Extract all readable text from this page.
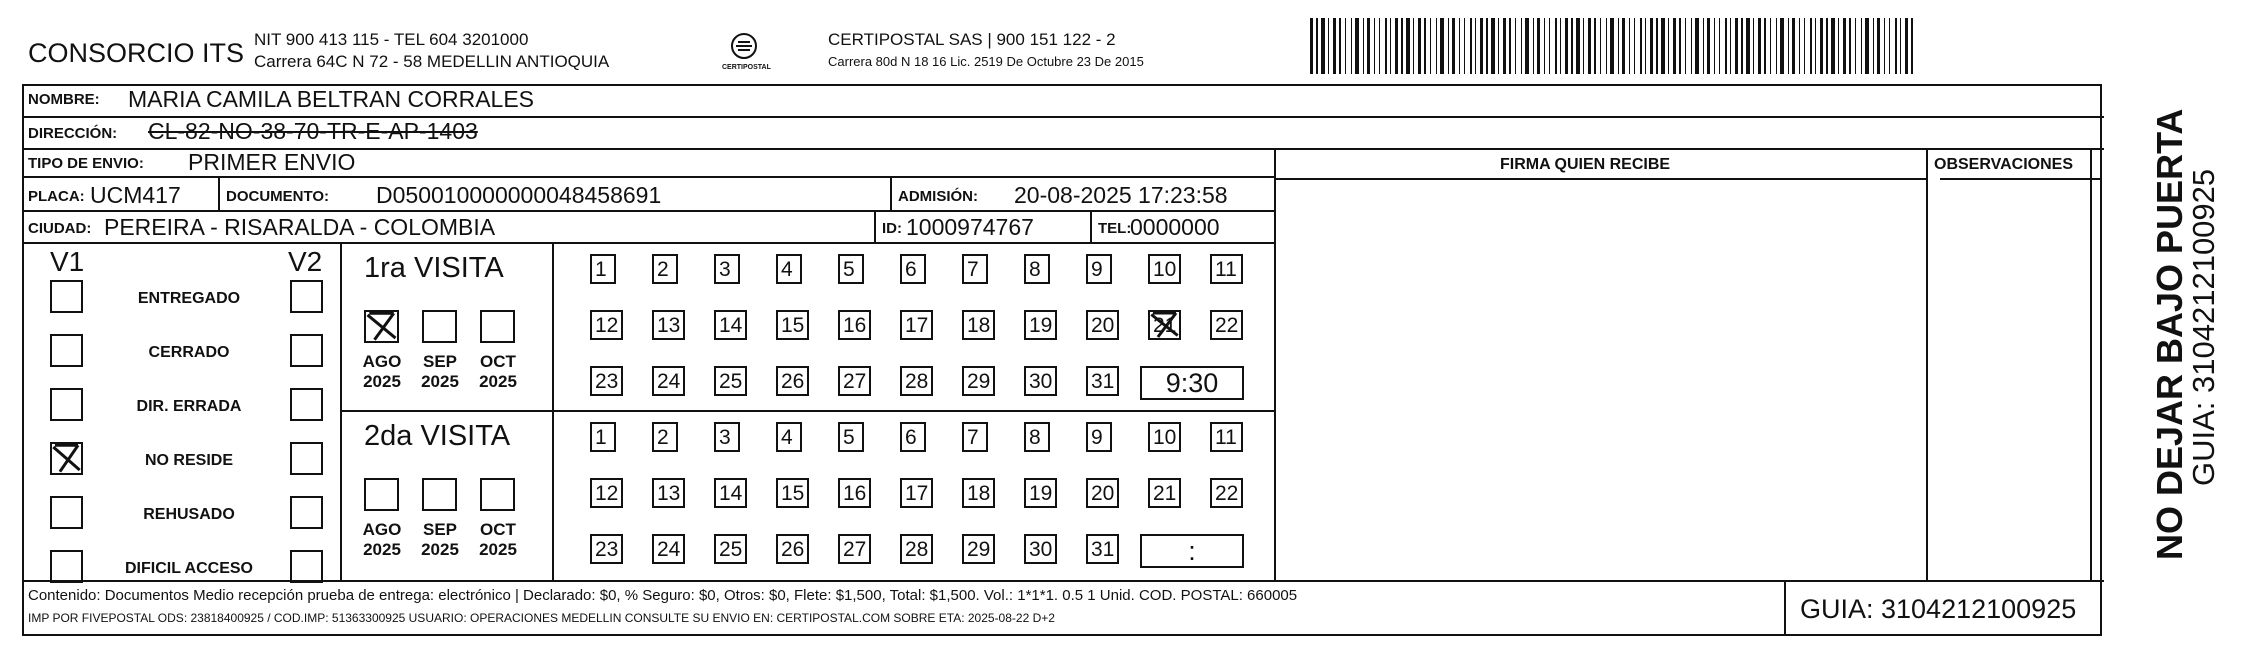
CONSORCIO ITS NIT 900 413 115 - TEL 604 3201000
Carrera 64C N 72 - 58 MEDELLIN ANTIOQUIA	CERTIPOSTAL
CERTIPOSTAL SAS | 900 151 122 - 2
Carrera 80d N 18 16 Lic. 2519 De Octubre 23 De 2015
NOMBRE: MARIA CAMILA BELTRAN CORRALES
DIRECCIÓN: CL-82-NO-38-70-TR-E-AP-1403
TIPO DE ENVIO: PRIMER ENVIO
PLACA: UCM417	DOCUMENTO: D050010000000048458691	ADMISIÓN: 20-08-2025 17:23:58
CIUDAD: PEREIRA - RISARALDA - COLOMBIA	ID: 1000974767	TEL:
0000000
FIRMA QUIEN RECIBE	OBSERVACIONES
V1	V2
ENTREGADO
CERRADO
DIR. ERRADA
NO RESIDE
REHUSADO
DIFICIL ACCESO
1ra VISITA
AGO
2025
SEP
2025
OCT
2025
1	2	3	4	5	6	7	8	9	10 11
12 13 14 15 16 17 18 19 20 21 22
23 24 25 26 27 28 29 30 31	9:30
2da VISITA
AGO
2025
SEP
2025
OCT
2025
1	2	3	4	5	6	7	8	9	10 11
12 13 14 15 16 17 18 19 20 21 22
23 24 25 26 27 28 29 30 31	:
Contenido: Documentos Medio recepción prueba de entrega: electrónico | Declarado: $0, % Seguro: $0, Otros: $0, Flete: $1,500, Total: $1,500. Vol.: 1*1*1. 0.5 1 Unid. COD. POSTAL: 660005
IMP POR FIVEPOSTAL ODS: 23818400925 / COD.IMP: 51363300925 USUARIO: OPERACIONES MEDELLIN CONSULTE SU ENVIO EN: CERTIPOSTAL.COM SOBRE ETA: 2025-08-22 D+2	GUIA: 3104212100925
NO DEJAR BAJO PUERTA
GUIA: 3104212100925
